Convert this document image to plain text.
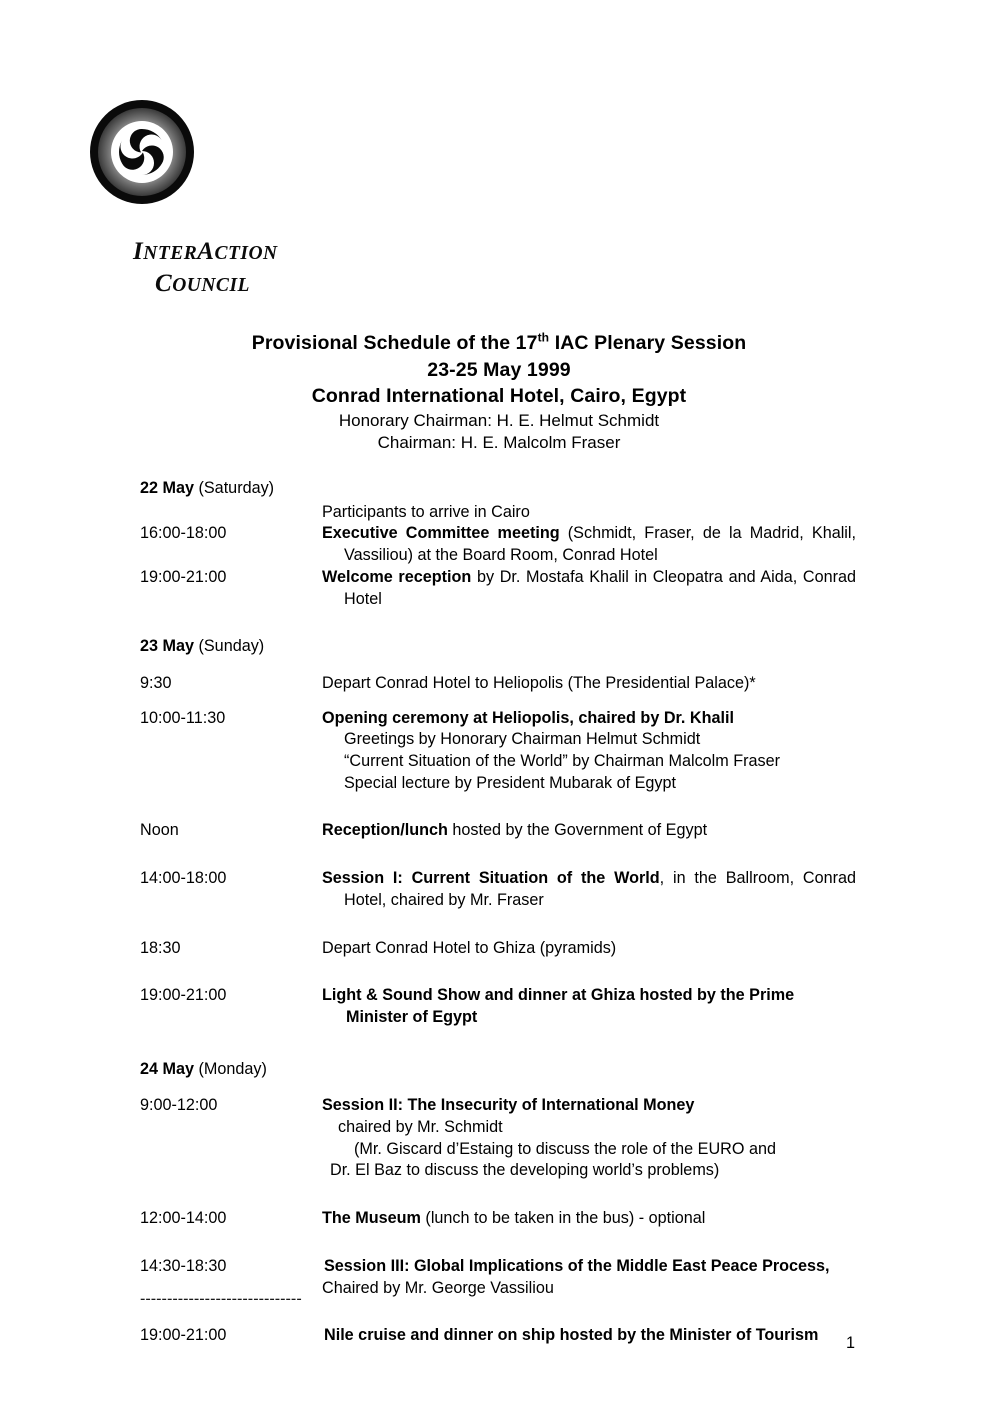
INTERACTION
COUNCIL
Provisional Schedule of the 17th IAC Plenary Session
23-25 May 1999
Conrad International Hotel, Cairo, Egypt
Honorary Chairman: H. E. Helmut Schmidt
Chairman: H. E. Malcolm Fraser
22 May (Saturday)
Participants to arrive in Cairo
16:00-18:00	Executive Committee meeting (Schmidt, Fraser, de la Madrid, Khalil, Vassiliou) at the Board Room, Conrad Hotel
19:00-21:00	Welcome reception by Dr. Mostafa Khalil in Cleopatra and Aida, Conrad Hotel
23 May (Sunday)
9:30	Depart Conrad Hotel to Heliopolis (The Presidential Palace)*
10:00-11:30	Opening ceremony at Heliopolis, chaired by Dr. Khalil
Greetings by Honorary Chairman Helmut Schmidt
“Current Situation of the World” by Chairman Malcolm Fraser
Special lecture by President Mubarak of Egypt
Noon	Reception/lunch hosted by the Government of Egypt
14:00-18:00	Session I: Current Situation of the World, in the Ballroom, Conrad Hotel, chaired by Mr. Fraser
18:30	Depart Conrad Hotel to Ghiza (pyramids)
19:00-21:00	Light & Sound Show and dinner at Ghiza hosted by the Prime Minister of Egypt
24 May (Monday)
9:00-12:00	Session II: The Insecurity of International Money
chaired by Mr. Schmidt
(Mr. Giscard d’Estaing to discuss the role of the EURO and
Dr. El Baz to discuss the developing world’s problems)
12:00-14:00	The Museum (lunch to be taken in the bus) - optional
14:30-18:30	Session III: Global Implications of the Middle East Peace Process,
Chaired by Mr. George Vassiliou
19:00-21:00	Nile cruise and dinner on ship hosted by the Minister of Tourism
------------------------------
1
